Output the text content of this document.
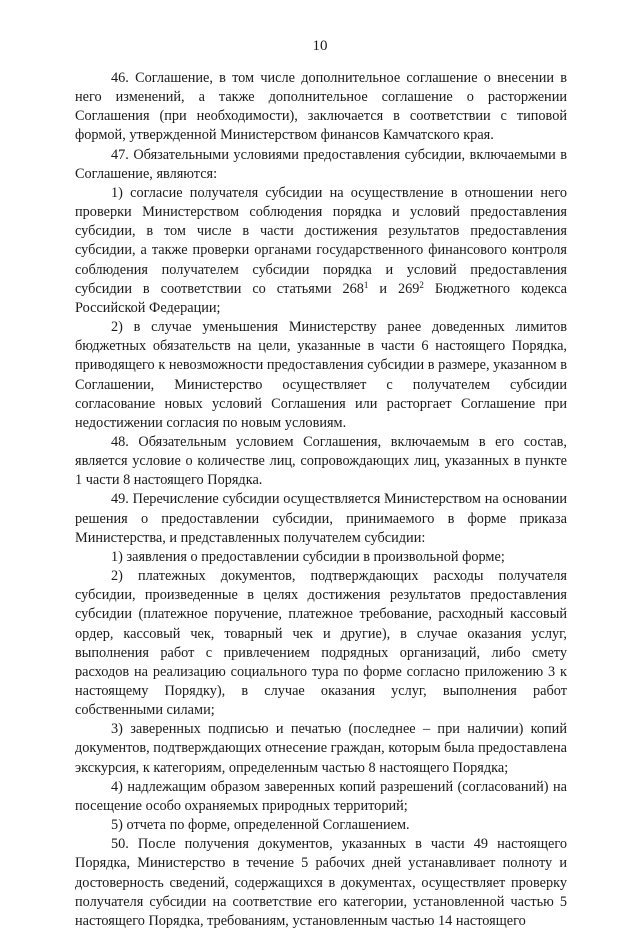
10

46. Соглашение, в том числе дополнительное соглашение о внесении в него изменений, а также дополнительное соглашение о расторжении Соглашения (при необходимости), заключается в соответствии с типовой формой, утвержденной Министерством финансов Камчатского края.

47. Обязательными условиями предоставления субсидии, включаемыми в Соглашение, являются:

1) согласие получателя субсидии на осуществление в отношении него проверки Министерством соблюдения порядка и условий предоставления субсидии, в том числе в части достижения результатов предоставления субсидии, а также проверки органами государственного финансового контроля соблюдения получателем субсидии порядка и условий предоставления субсидии в соответствии со статьями $268^1$ и $269^2$ Бюджетного кодекса Российской Федерации;

2) в случае уменьшения Министерству ранее доведенных лимитов бюджетных обязательств на цели, указанные в части 6 настоящего Порядка, приводящего к невозможности предоставления субсидии в размере, указанном в Соглашении, Министерство осуществляет с получателем субсидии согласование новых условий Соглашения или расторгает Соглашение при недостижении согласия по новым условиям.

48. Обязательным условием Соглашения, включаемым в его состав, является условие о количестве лиц, сопровождающих лиц, указанных в пункте 1 части 8 настоящего Порядка.

49. Перечисление субсидии осуществляется Министерством на основании решения о предоставлении субсидии, принимаемого в форме приказа Министерства, и представленных получателем субсидии:

1) заявления о предоставлении субсидии в произвольной форме;

2) платежных документов, подтверждающих расходы получателя субсидии, произведенные в целях достижения результатов предоставления субсидии (платежное поручение, платежное требование, расходный кассовый ордер, кассовый чек, товарный чек и другие), в случае оказания услуг, выполнения работ с привлечением подрядных организаций, либо смету расходов на реализацию социального тура по форме согласно приложению 3 к настоящему Порядку), в случае оказания услуг, выполнения работ собственными силами;

3) заверенных подписью и печатью (последнее – при наличии) копий документов, подтверждающих отнесение граждан, которым была предоставлена экскурсия, к категориям, определенным частью 8 настоящего Порядка;

4) надлежащим образом заверенных копий разрешений (согласований) на посещение особо охраняемых природных территорий;

5) отчета по форме, определенной Соглашением.

50. После получения документов, указанных в части 49 настоящего Порядка, Министерство в течение 5 рабочих дней устанавливает полноту и достоверность сведений, содержащихся в документах, осуществляет проверку получателя субсидии на соответствие его категории, установленной частью 5 настоящего Порядка, требованиям, установленным частью 14 настоящего
